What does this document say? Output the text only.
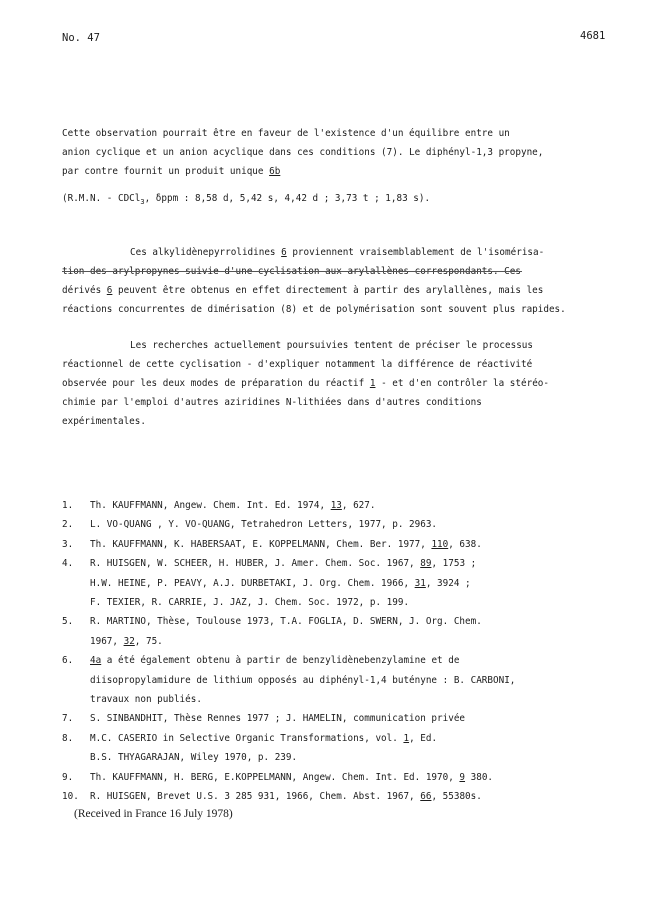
No. 47	4681
Cette observation pourrait être en faveur de l'existence d'un équilibre entre un
anion cyclique et un anion acyclique dans ces conditions (7). Le diphényl-1,3 propyne,
par contre fournit un produit unique 6b
(R.M.N. - CDCl$_3$, δppm : 8,58 d, 5,42 s, 4,42 d ; 3,73 t ; 1,83 s).
Ces alkylidènepyrrolidines 6 proviennent vraisemblablement de l'isomérisa-
dérivés 6 peuvent être obtenus en effet directement à partir des arylallènes, mais les
réactions concurrentes de dimérisation (8) et de polymérisation sont souvent plus rapides.
Les recherches actuellement poursuivies tentent de préciser le processus
réactionnel de cette cyclisation - d'expliquer notamment la différence de réactivité
observée pour les deux modes de préparation du réactif 1 - et d'en contrôler la stéréo-
chimie par l'emploi d'autres aziridines N-lithiées dans d'autres conditions
expérimentales.
1.	Th. KAUFFMANN, Angew. Chem. Int. Ed. 1974, 13, 627.
2.	L. VO-QUANG , Y. VO-QUANG, Tetrahedron Letters, 1977, p. 2963.
3.	Th. KAUFFMANN, K. HABERSAAT, E. KOPPELMANN, Chem. Ber. 1977, 110, 638.
4.	R. HUISGEN, W. SCHEER, H. HUBER, J. Amer. Chem. Soc. 1967, 89, 1753 ;
H.W. HEINE, P. PEAVY, A.J. DURBETAKI, J. Org. Chem. 1966, 31, 3924 ;
F. TEXIER, R. CARRIE, J. JAZ, J. Chem. Soc. 1972, p. 199.
5.	R. MARTINO, Thèse, Toulouse 1973, T.A. FOGLIA, D. SWERN, J. Org. Chem.
1967, 32, 75.
6.	4a a été également obtenu à partir de benzylidènebenzylamine et de
diisopropylamidure de lithium opposés au diphényl-1,4 butényne : B. CARBONI,
travaux non publiés.
7.	S. SINBANDHIT, Thèse Rennes 1977 ; J. HAMELIN, communication privée
8.	M.C. CASERIO in Selective Organic Transformations, vol. 1, Ed.
B.S. THYAGARAJAN, Wiley 1970, p. 239.
9.	Th. KAUFFMANN, H. BERG, E.KOPPELMANN, Angew. Chem. Int. Ed. 1970, 9 380.
10.	R. HUISGEN, Brevet U.S. 3 285 931, 1966, Chem. Abst. 1967, 66, 55380s.
(Received in France 16 July 1978)
